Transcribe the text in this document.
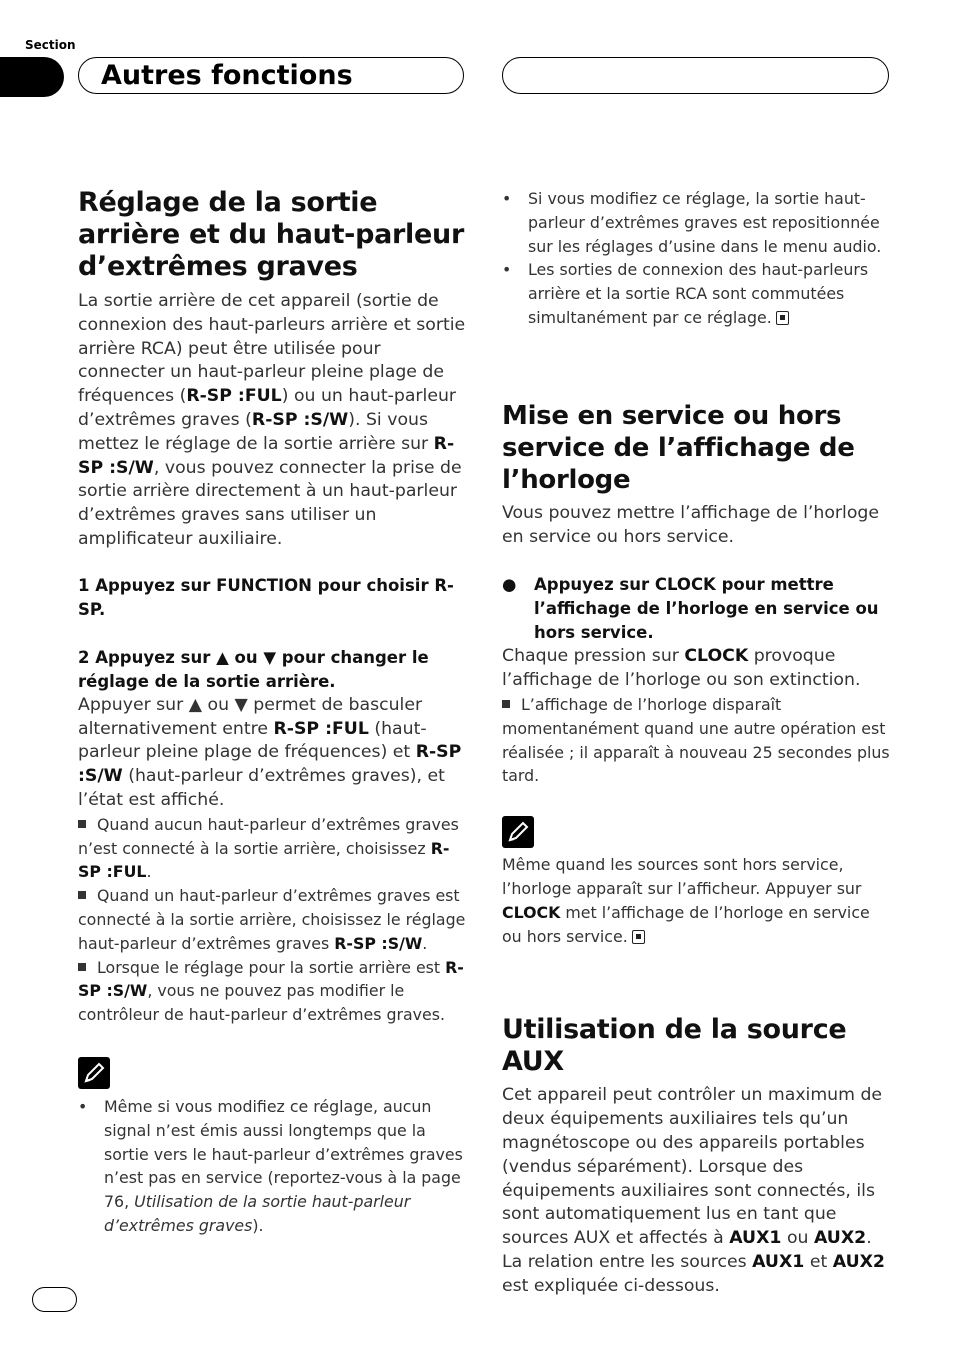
Section
Autres fonctions
Réglage de la sortie arrière et du haut-parleur d’extrêmes graves

La sortie arrière de cet appareil (sortie de connexion des haut-parleurs arrière et sortie arrière RCA) peut être utilisée pour connecter un haut-parleur pleine plage de fréquences (R-SP :FUL) ou un haut-parleur d’extrêmes graves (R-SP :S/W). Si vous mettez le réglage de la sortie arrière sur R-SP :S/W, vous pouvez connecter la prise de sortie arrière directement à un haut-parleur d’extrêmes graves sans utiliser un amplificateur auxiliaire.

1 Appuyez sur FUNCTION pour choisir R-SP.

2 Appuyez sur ▲ ou ▼ pour changer le réglage de la sortie arrière.

Appuyer sur ▲ ou ▼ permet de basculer alternativement entre R-SP :FUL (haut-parleur pleine plage de fréquences) et R-SP :S/W (haut-parleur d’extrêmes graves), et l’état est affiché.

Quand aucun haut-parleur d’extrêmes graves n’est connecté à la sortie arrière, choisissez R-SP :FUL.

Quand un haut-parleur d’extrêmes graves est connecté à la sortie arrière, choisissez le réglage haut-parleur d’extrêmes graves R-SP :S/W.

Lorsque le réglage pour la sortie arrière est R-SP :S/W, vous ne pouvez pas modifier le contrôleur de haut-parleur d’extrêmes graves.

• Même si vous modifiez ce réglage, aucun signal n’est émis aussi longtemps que la sortie vers le haut-parleur d’extrêmes graves n’est pas en service (reportez-vous à la page 76, Utilisation de la sortie haut-parleur d’extrêmes graves).

• Si vous modifiez ce réglage, la sortie haut-parleur d’extrêmes graves est repositionnée sur les réglages d’usine dans le menu audio.

• Les sorties de connexion des haut-parleurs arrière et la sortie RCA sont commutées simultanément par ce réglage.

Mise en service ou hors service de l’affichage de l’horloge

Vous pouvez mettre l’affichage de l’horloge en service ou hors service.

● Appuyez sur CLOCK pour mettre l’affichage de l’horloge en service ou hors service.

Chaque pression sur CLOCK provoque l’affichage de l’horloge ou son extinction.

L’affichage de l’horloge disparaît momentanément quand une autre opération est réalisée ; il apparaît à nouveau 25 secondes plus tard.

Même quand les sources sont hors service, l’horloge apparaît sur l’afficheur. Appuyer sur CLOCK met l’affichage de l’horloge en service ou hors service.

Utilisation de la source AUX

Cet appareil peut contrôler un maximum de deux équipements auxiliaires tels qu’un magnétoscope ou des appareils portables (vendus séparément). Lorsque des équipements auxiliaires sont connectés, ils sont automatiquement lus en tant que sources AUX et affectés à AUX1 ou AUX2. La relation entre les sources AUX1 et AUX2 est expliquée ci-dessous.
